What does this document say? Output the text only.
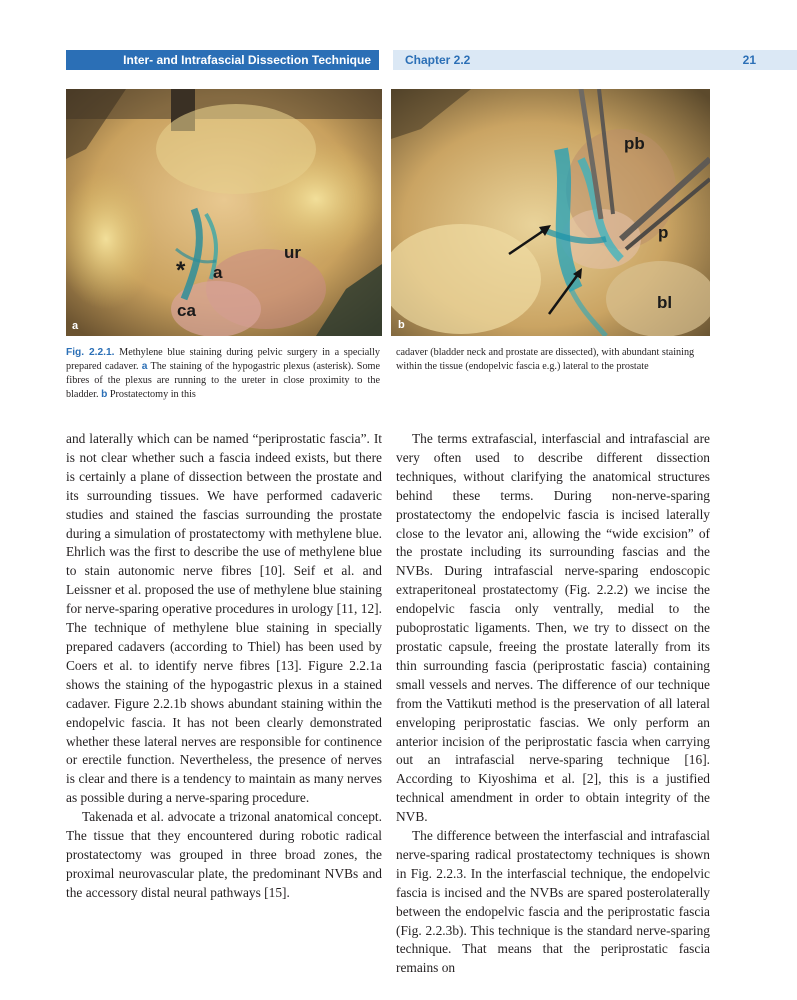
Inter- and Intrafascial Dissection Technique	Chapter 2.2	21
ur
* a
ca
a
pb
p
bl
b
Fig. 2.2.1. Methylene blue staining during pelvic surgery in a specially prepared cadaver. a The staining of the hypogastric plexus (asterisk). Some fibres of the plexus are running to the ureter in close proximity to the bladder. b Prostatectomy in this
cadaver (bladder neck and prostate are dissected), with abundant staining within the tissue (endopelvic fascia e.g.) lateral to the prostate

and laterally which can be named “periprostatic fascia”. It is not clear whether such a fascia indeed exists, but there is certainly a plane of dissection between the prostate and its surrounding tissues. We have performed cadaveric studies and stained the fascias surrounding the prostate during a simulation of prostatectomy with methylene blue. Ehrlich was the first to describe the use of methylene blue to stain autonomic nerve fibres [10]. Seif et al. and Leissner et al. proposed the use of methylene blue staining for nerve-sparing operative procedures in urology [11, 12]. The technique of methylene blue staining in specially prepared cadavers (according to Thiel) has been used by Coers et al. to identify nerve fibres [13]. Figure 2.2.1a shows the staining of the hypogastric plexus in a stained cadaver. Figure 2.2.1b shows abundant staining within the endopelvic fascia. It has not been clearly demonstrated whether these lateral nerves are responsible for continence or erectile function. Nevertheless, the presence of nerves is clear and there is a tendency to maintain as many nerves as possible during a nerve-sparing procedure.

Takenada et al. advocate a trizonal anatomical concept. The tissue that they encountered during robotic radical prostatectomy was grouped in three broad zones, the proximal neurovascular plate, the predominant NVBs and the accessory distal neural pathways [15].

The terms extrafascial, interfascial and intrafascial are very often used to describe different dissection techniques, without clarifying the anatomical structures behind these terms. During non-nerve-sparing prostatectomy the endopelvic fascia is incised laterally close to the levator ani, allowing the “wide excision” of the prostate including its surrounding fascias and the NVBs. During intrafascial nerve-sparing endoscopic extraperitoneal prostatectomy (Fig. 2.2.2) we incise the endopelvic fascia only ventrally, medial to the puboprostatic ligaments. Then, we try to dissect on the prostatic capsule, freeing the prostate laterally from its thin surrounding fascia (periprostatic fascia) containing small vessels and nerves. The difference of our technique from the Vattikuti method is the preservation of all lateral enveloping periprostatic fascias. We only perform an anterior incision of the periprostatic fascia when carrying out an intrafascial nerve-sparing technique [16]. According to Kiyoshima et al. [2], this is a justified technical amendment in order to obtain integrity of the NVB.

The difference between the interfascial and intrafascial nerve-sparing radical prostatectomy techniques is shown in Fig. 2.2.3. In the interfascial technique, the endopelvic fascia is incised and the NVBs are spared posterolaterally between the endopelvic fascia and the periprostatic fascia (Fig. 2.2.3b). This technique is the standard nerve-sparing technique. That means that the periprostatic fascia remains on
